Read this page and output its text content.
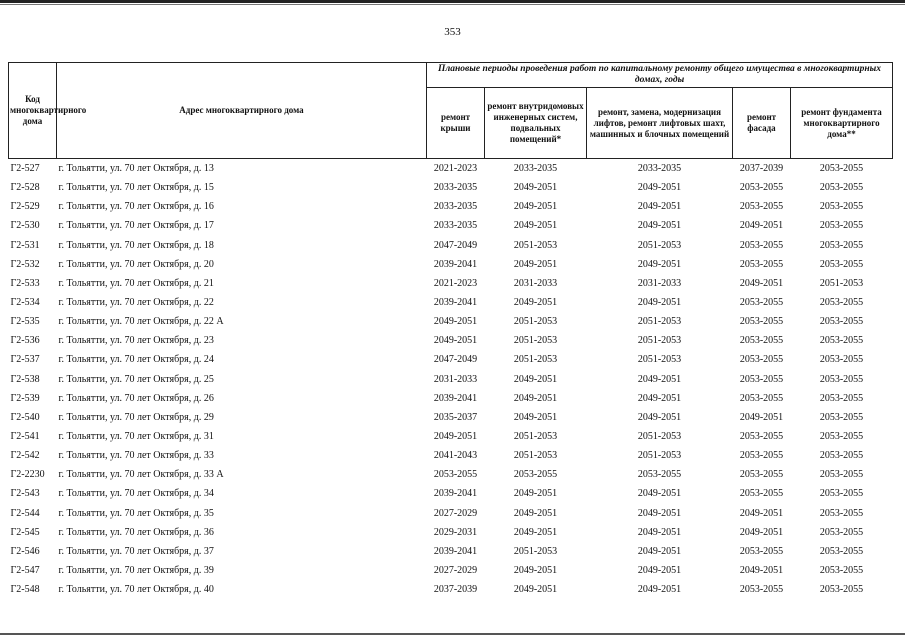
353
Код многоквартирного дома	Адрес многоквартирного дома	Плановые периоды проведения работ по капитальному ремонту общего имущества в многоквартирных домах, годы				
		ремонт крыши	ремонт внутридомовых инженерных систем, подвальных помещений*	ремонт, замена, модернизация лифтов, ремонт лифтовых шахт, машинных и блочных помещений	ремонт фасада	ремонт фундамента многоквартирного дома**
Г2-527	г. Тольятти, ул. 70 лет Октября, д. 13	2021-2023	2033-2035	2033-2035	2037-2039	2053-2055
Г2-528	г. Тольятти, ул. 70 лет Октября, д. 15	2033-2035	2049-2051	2049-2051	2053-2055	2053-2055
Г2-529	г. Тольятти, ул. 70 лет Октября, д. 16	2033-2035	2049-2051	2049-2051	2053-2055	2053-2055
Г2-530	г. Тольятти, ул. 70 лет Октября, д. 17	2033-2035	2049-2051	2049-2051	2049-2051	2053-2055
Г2-531	г. Тольятти, ул. 70 лет Октября, д. 18	2047-2049	2051-2053	2051-2053	2053-2055	2053-2055
Г2-532	г. Тольятти, ул. 70 лет Октября, д. 20	2039-2041	2049-2051	2049-2051	2053-2055	2053-2055
Г2-533	г. Тольятти, ул. 70 лет Октября, д. 21	2021-2023	2031-2033	2031-2033	2049-2051	2051-2053
Г2-534	г. Тольятти, ул. 70 лет Октября, д. 22	2039-2041	2049-2051	2049-2051	2053-2055	2053-2055
Г2-535	г. Тольятти, ул. 70 лет Октября, д. 22 А	2049-2051	2051-2053	2051-2053	2053-2055	2053-2055
Г2-536	г. Тольятти, ул. 70 лет Октября, д. 23	2049-2051	2051-2053	2051-2053	2053-2055	2053-2055
Г2-537	г. Тольятти, ул. 70 лет Октября, д. 24	2047-2049	2051-2053	2051-2053	2053-2055	2053-2055
Г2-538	г. Тольятти, ул. 70 лет Октября, д. 25	2031-2033	2049-2051	2049-2051	2053-2055	2053-2055
Г2-539	г. Тольятти, ул. 70 лет Октября, д. 26	2039-2041	2049-2051	2049-2051	2053-2055	2053-2055
Г2-540	г. Тольятти, ул. 70 лет Октября, д. 29	2035-2037	2049-2051	2049-2051	2049-2051	2053-2055
Г2-541	г. Тольятти, ул. 70 лет Октября, д. 31	2049-2051	2051-2053	2051-2053	2053-2055	2053-2055
Г2-542	г. Тольятти, ул. 70 лет Октября, д. 33	2041-2043	2051-2053	2051-2053	2053-2055	2053-2055
Г2-2230	г. Тольятти, ул. 70 лет Октября, д. 33 А	2053-2055	2053-2055	2053-2055	2053-2055	2053-2055
Г2-543	г. Тольятти, ул. 70 лет Октября, д. 34	2039-2041	2049-2051	2049-2051	2053-2055	2053-2055
Г2-544	г. Тольятти, ул. 70 лет Октября, д. 35	2027-2029	2049-2051	2049-2051	2049-2051	2053-2055
Г2-545	г. Тольятти, ул. 70 лет Октября, д. 36	2029-2031	2049-2051	2049-2051	2049-2051	2053-2055
Г2-546	г. Тольятти, ул. 70 лет Октября, д. 37	2039-2041	2051-2053	2049-2051	2053-2055	2053-2055
Г2-547	г. Тольятти, ул. 70 лет Октября, д. 39	2027-2029	2049-2051	2049-2051	2049-2051	2053-2055
Г2-548	г. Тольятти, ул. 70 лет Октября, д. 40	2037-2039	2049-2051	2049-2051	2053-2055	2053-2055
